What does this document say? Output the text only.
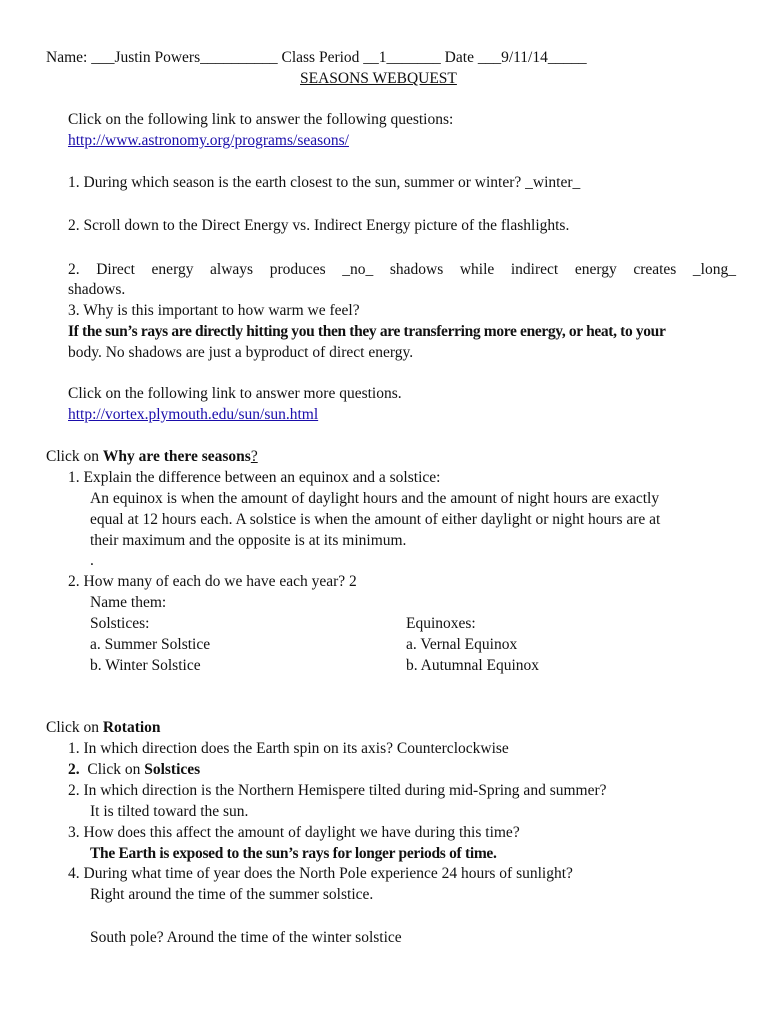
Name: ___Justin Powers__________ Class Period __1_______ Date ___9/11/14_____
SEASONS WEBQUEST
Click on the following link to answer the following questions:
http://www.astronomy.org/programs/seasons/
1. During which season is the earth closest to the sun, summer or winter? _winter_
2. Scroll down to the Direct Energy vs. Indirect Energy picture of the flashlights.
2. Direct energy always produces _no_ shadows while indirect energy creates _long_
shadows.
3. Why is this important to how warm we feel?
If the sun’s rays are directly hitting you then they are transferring more energy, or heat, to your
body. No shadows are just a byproduct of direct energy.
Click on the following link to answer more questions.
http://vortex.plymouth.edu/sun/sun.html
Click on Why are there seasons?
1. Explain the difference between an equinox and a solstice:
An equinox is when the amount of daylight hours and the amount of night hours are exactly
equal at 12 hours each. A solstice is when the amount of either daylight or night hours are at
their maximum and the opposite is at its minimum.
.
2. How many of each do we have each year? 2
Name them:
Solstices:
a. Summer Solstice
b. Winter Solstice
Equinoxes:
a. Vernal Equinox
b. Autumnal Equinox
Click on Rotation
1. In which direction does the Earth spin on its axis? Counterclockwise
2.  Click on Solstices
2. In which direction is the Northern Hemispere tilted during mid-Spring and summer?
It is tilted toward the sun.
3. How does this affect the amount of daylight we have during this time?
The Earth is exposed to the sun’s rays for longer periods of time.
4. During what time of year does the North Pole experience 24 hours of sunlight?
Right around the time of the summer solstice.
South pole? Around the time of the winter solstice
